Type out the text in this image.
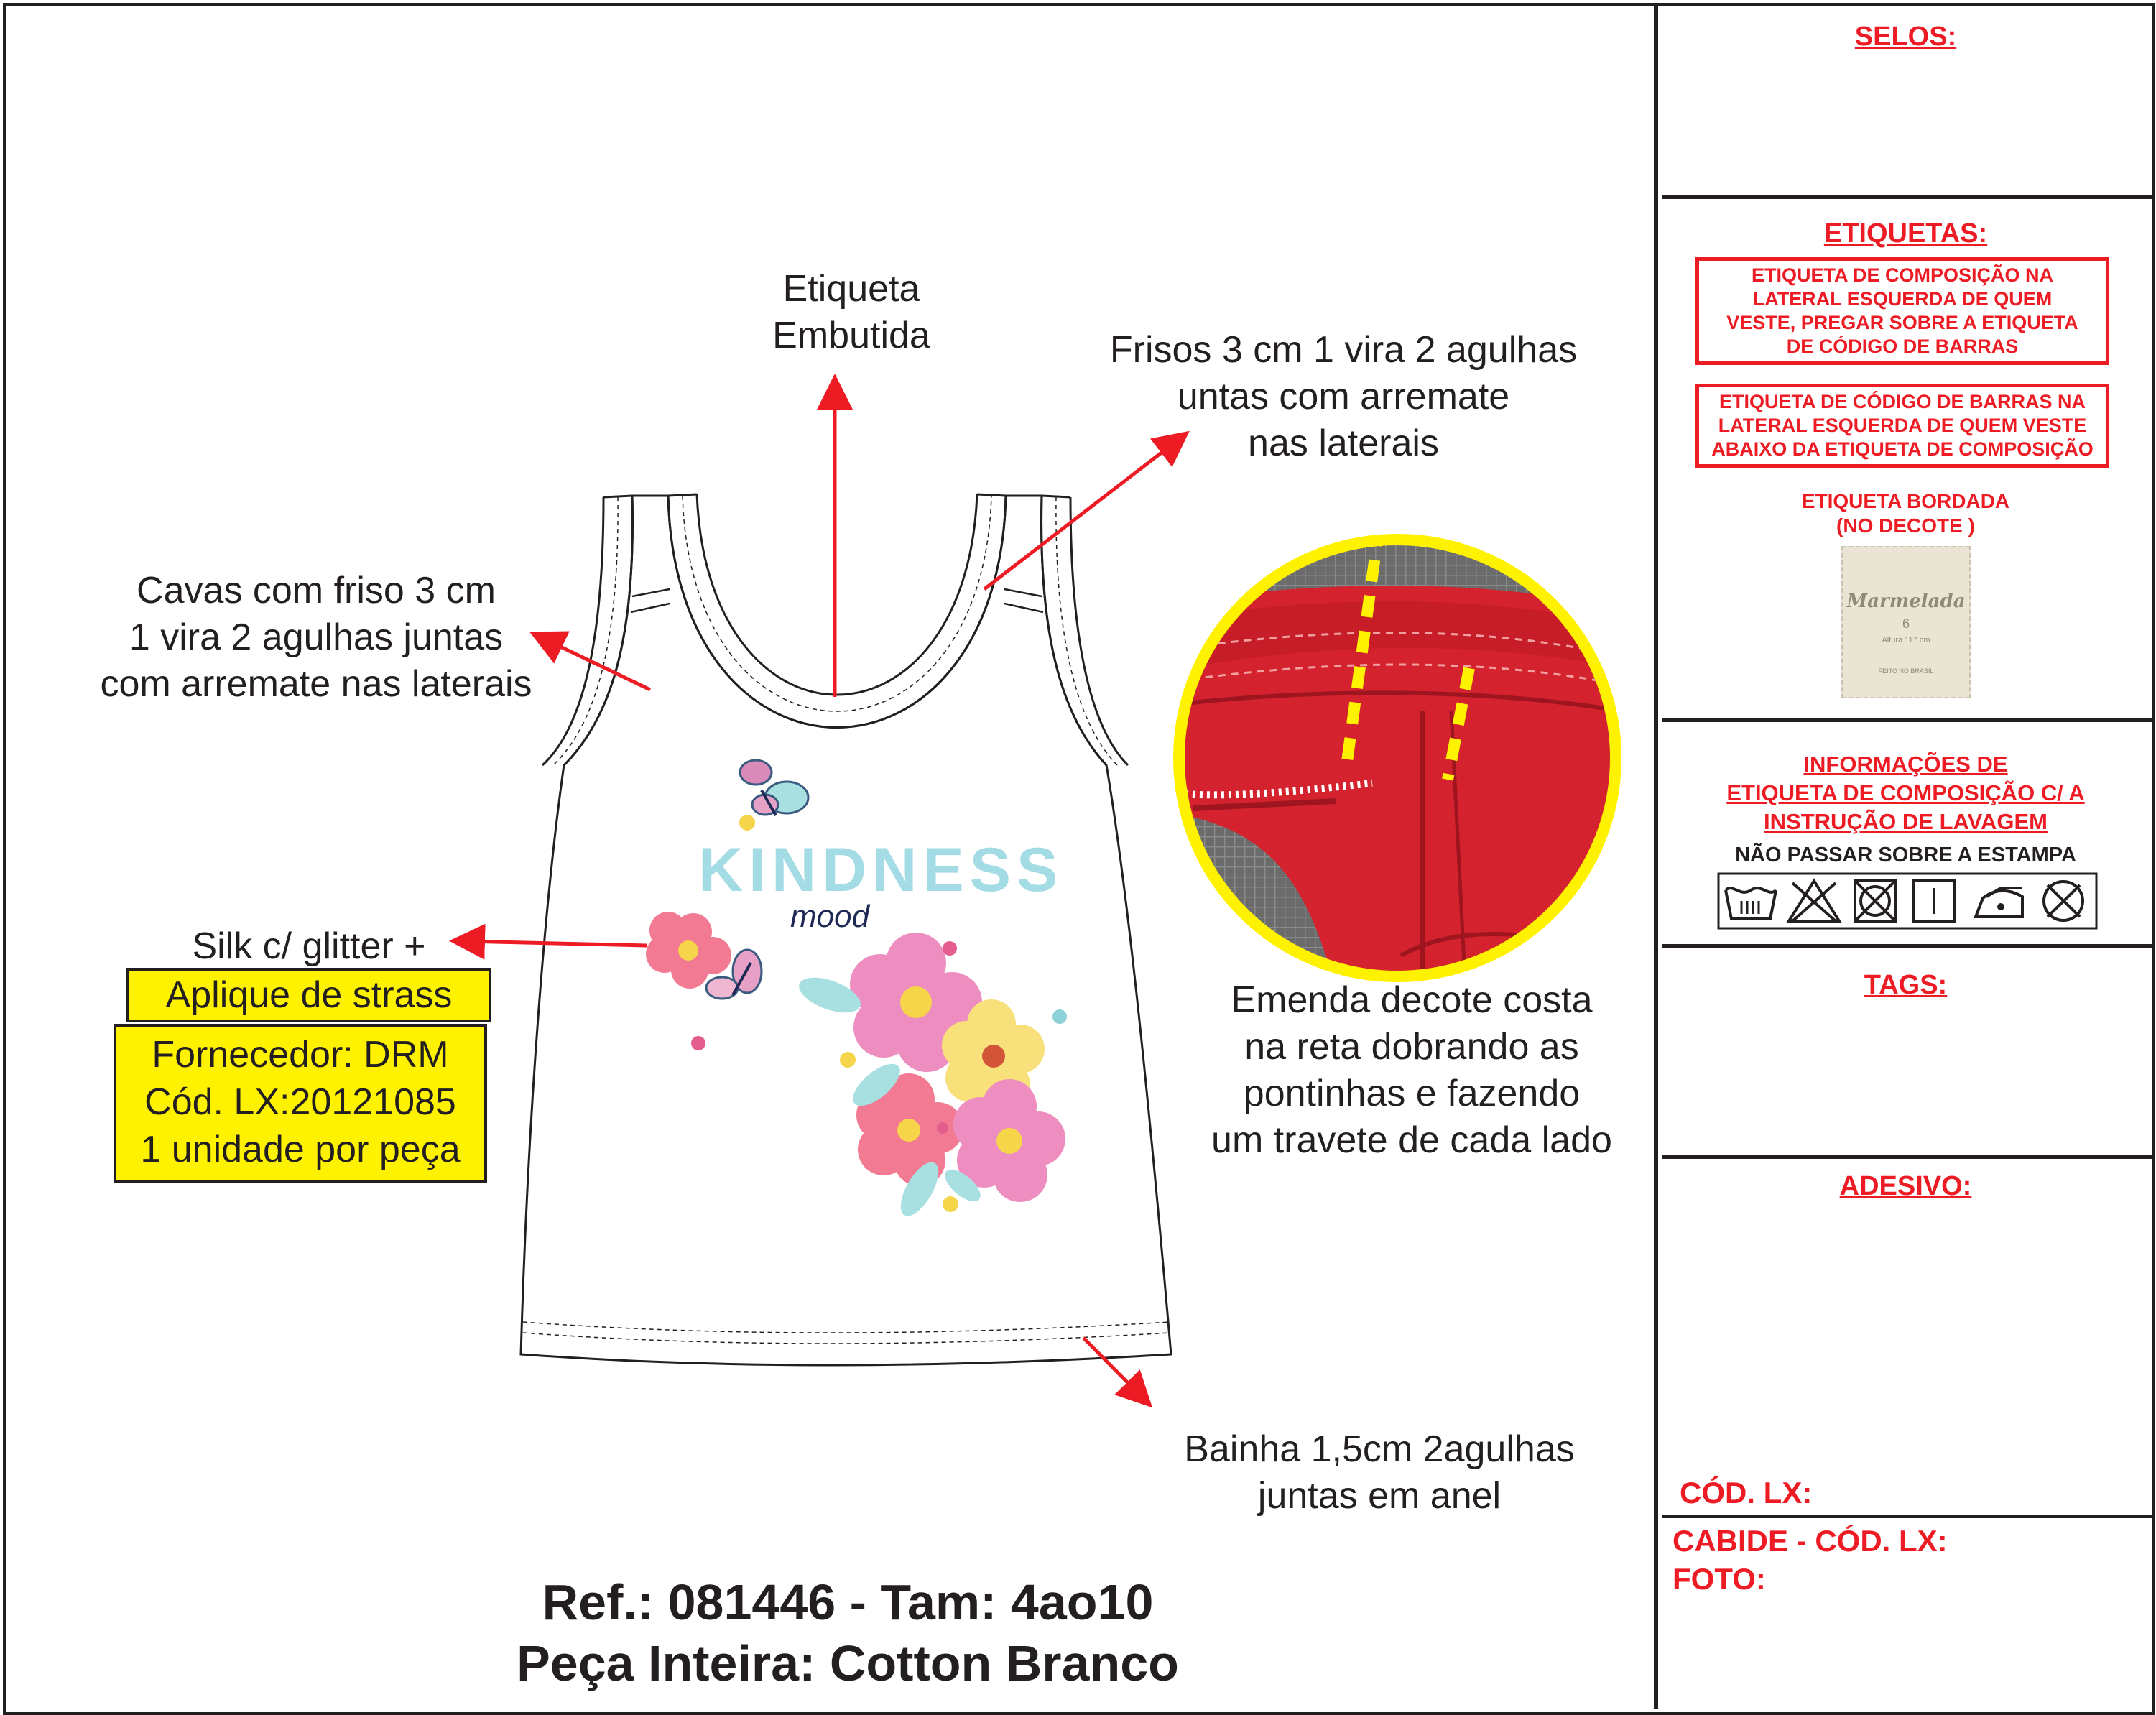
KINDNESS
mood
Etiqueta
Embutida	Frisos 3 cm 1 vira 2 agulhas
untas com arremate
nas laterais
Cavas com friso 3 cm
1 vira 2 agulhas juntas
com arremate nas laterais
Silk c/ glitter +
Aplique de strass
Fornecedor: DRM
Cód. LX:20121085
1 unidade por peça
Emenda decote costa
na reta dobrando as
pontinhas e fazendo
um travete de cada lado
Bainha 1,5cm 2agulhas
juntas em anel
Ref.: 081446 - Tam: 4ao10
Peça Inteira: Cotton Branco
SELOS:
ETIQUETAS:
ETIQUETA DE COMPOSIÇÃO NA
LATERAL ESQUERDA DE QUEM
VESTE, PREGAR SOBRE A ETIQUETA
DE CÓDIGO DE BARRAS
ETIQUETA DE CÓDIGO DE BARRAS NA
LATERAL ESQUERDA DE QUEM VESTE
ABAIXO DA ETIQUETA DE COMPOSIÇÃO
ETIQUETA BORDADA
(NO DECOTE )
Marmelada
6
Altura 117 cm
FEITO NO BRASIL
INFORMAÇÕES DE
ETIQUETA DE COMPOSIÇÃO C/ A
INSTRUÇÃO DE LAVAGEM
NÃO PASSAR SOBRE A ESTAMPA
TAGS:
ADESIVO:
CÓD. LX:
CABIDE - CÓD. LX:
FOTO:
